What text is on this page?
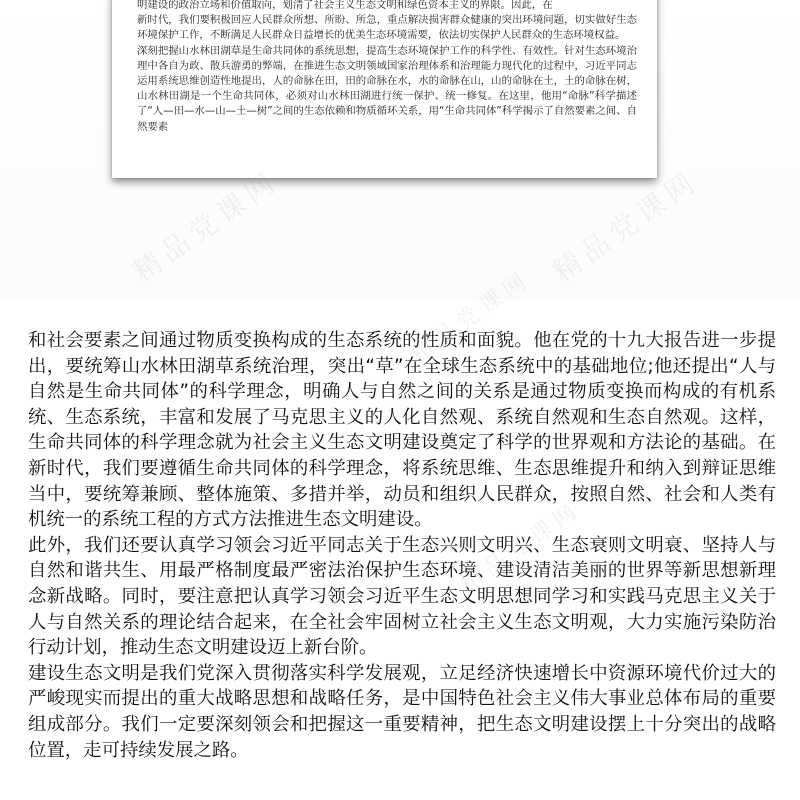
明建设的政治立场和价值取向，划清了社会主义生态文明和绿色资本主义的界限。因此，在

新时代，我们要积极回应人民群众所想、所盼、所急，重点解决损害群众健康的突出环境问题，切实做好生态环境保护工作，不断满足人民群众日益增长的优美生态环境需要，依法切实保护人民群众的生态环境权益。

深刻把握山水林田湖草是生命共同体的系统思想，提高生态环境保护工作的科学性、有效性。针对生态环境治理中各自为政、散兵游勇的弊端，在推进生态文明领域国家治理体系和治理能力现代化的过程中，习近平同志运用系统思维创造性地提出，人的命脉在田，田的命脉在水，水的命脉在山，山的命脉在土，土的命脉在树，山水林田湖是一个生命共同体，必须对山水林田湖进行统一保护、统一修复。在这里，他用“命脉”科学描述了“人—田—水—山—土—树”之间的生态依赖和物质循环关系，用“生命共同体”科学揭示了自然要素之间、自然要素

精品党课网	精品党课网
精品党课网
精品党课网

和社会要素之间通过物质变换构成的生态系统的性质和面貌。他在党的十九大报告进一步提出，要统筹山水林田湖草系统治理，突出“草”在全球生态系统中的基础地位;他还提出“人与自然是生命共同体”的科学理念，明确人与自然之间的关系是通过物质变换而构成的有机系统、生态系统，丰富和发展了马克思主义的人化自然观、系统自然观和生态自然观。这样，生命共同体的科学理念就为社会主义生态文明建设奠定了科学的世界观和方法论的基础。在新时代，我们要遵循生命共同体的科学理念，将系统思维、生态思维提升和纳入到辩证思维当中，要统筹兼顾、整体施策、多措并举，动员和组织人民群众，按照自然、社会和人类有机统一的系统工程的方式方法推进生态文明建设。

此外，我们还要认真学习领会习近平同志关于生态兴则文明兴、生态衰则文明衰、坚持人与自然和谐共生、用最严格制度最严密法治保护生态环境、建设清洁美丽的世界等新思想新理念新战略。同时，要注意把认真学习领会习近平生态文明思想同学习和实践马克思主义关于人与自然关系的理论结合起来，在全社会牢固树立社会主义生态文明观，大力实施污染防治行动计划，推动生态文明建设迈上新台阶。

建设生态文明是我们党深入贯彻落实科学发展观，立足经济快速增长中资源环境代价过大的严峻现实而提出的重大战略思想和战略任务，是中国特色社会主义伟大事业总体布局的重要组成部分。我们一定要深刻领会和把握这一重要精神，把生态文明建设摆上十分突出的战略位置，走可持续发展之路。
